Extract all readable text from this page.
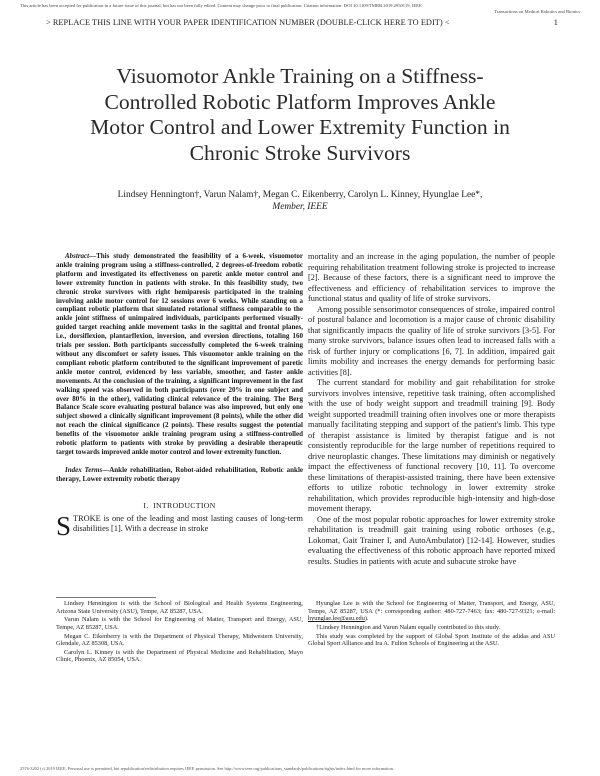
This article has been accepted for publication in a future issue of this journal, but has not been fully edited. Content may change prior to final publication. Citation information: DOI 10.1109/TMRB.2019.2950119, IEEE
Transactions on Medical Robotics and Bionics
> REPLACE THIS LINE WITH YOUR PAPER IDENTIFICATION NUMBER (DOUBLE-CLICK HERE TO EDIT) <	1
Visuomotor Ankle Training on a Stiffness-
Controlled Robotic Platform Improves Ankle
Motor Control and Lower Extremity Function in
Chronic Stroke Survivors
Lindsey Hennington†, Varun Nalam†, Megan C. Eikenberry, Carolyn L. Kinney, Hyunglae Lee*,
Member, IEEE

Abstract—This study demonstrated the feasibility of a 6-week, visuomotor ankle training program using a stiffness-controlled, 2 degrees-of-freedom robotic platform and investigated its effectiveness on paretic ankle motor control and lower extremity function in patients with stroke. In this feasibility study, two chronic stroke survivors with right hemiparesis participated in the training involving ankle motor control for 12 sessions over 6 weeks. While standing on a compliant robotic platform that simulated rotational stiffness comparable to the ankle joint stiffness of unimpaired individuals, participants performed visually-guided target reaching ankle movement tasks in the sagittal and frontal planes, i.e., dorsiflexion, plantarflexion, inversion, and eversion directions, totaling 160 trials per session. Both participants successfully completed the 6-week training without any discomfort or safety issues. This visuomotor ankle training on the compliant robotic platform contributed to the significant improvement of paretic ankle motor control, evidenced by less variable, smoother, and faster ankle movements. At the conclusion of the training, a significant improvement in the fast walking speed was observed in both participants (over 20% in one subject and over 80% in the other), validating clinical relevance of the training. The Berg Balance Scale score evaluating postural balance was also improved, but only one subject showed a clinically significant improvement (8 points), while the other did not reach the clinical significance (2 points). These results suggest the potential benefits of the visuomotor ankle training program using a stiffness-controlled robotic platform to patients with stroke by providing a desirable therapeutic target towards improved ankle motor control and lower extremity function.

Index Terms—Ankle rehabilitation, Robot-aided rehabilitation, Robotic ankle therapy, Lower extremity robotic therapy

I. INTRODUCTION

STROKE is one of the leading and most lasting causes of long-term disabilities [1]. With a decrease in stroke

mortality and an increase in the aging population, the number of people requiring rehabilitation treatment following stroke is projected to increase [2]. Because of these factors, there is a significant need to improve the effectiveness and efficiency of rehabilitation services to improve the functional status and quality of life of stroke survivors.

Among possible sensorimotor consequences of stroke, impaired control of postural balance and locomotion is a major cause of chronic disability that significantly impacts the quality of life of stroke survivors [3-5]. For many stroke survivors, balance issues often lead to increased falls with a risk of further injury or complications [6, 7]. In addition, impaired gait limits mobility and increases the energy demands for performing basic activities [8].

The current standard for mobility and gait rehabilitation for stroke survivors involves intensive, repetitive task training, often accomplished with the use of body weight support and treadmill training [9]. Body weight supported treadmill training often involves one or more therapists manually facilitating stepping and support of the patient's limb. This type of therapist assistance is limited by therapist fatigue and is not consistently reproducible for the large number of repetitions required to drive neuroplastic changes. These limitations may diminish or negatively impact the effectiveness of functional recovery [10, 11]. To overcome these limitations of therapist-assisted training, there have been extensive efforts to utilize robotic technology in lower extremity stroke rehabilitation, which provides reproducible high-intensity and high-dose movement therapy.

One of the most popular robotic approaches for lower extremity stroke rehabilitation is treadmill gait training using robotic orthoses (e.g., Lokomat, Gait Trainer I, and AutoAmbulator) [12-14]. However, studies evaluating the effectiveness of this robotic approach have reported mixed results. Studies in patients with acute and subacute stroke have

Lindsey Hennington is with the School of Biological and Health Systems Engineering, Arizona State University (ASU), Tempe, AZ 85287, USA.

Varun Nalam is with the School for Engineering of Matter, Transport and Energy, ASU, Tempe, AZ 85287, USA.

Megan C. Eikenberry is with the Department of Physical Therapy, Midwestern University, Glendale, AZ 85308, USA.

Carolyn L. Kinney is with the Department of Physical Medicine and Rehabilitation, Mayo Clinic, Phoenix, AZ 85054, USA.

Hyunglae Lee is with the School for Engineering of Matter, Transport, and Energy, ASU, Tempe, AZ 85287, USA (*: corresponding author: 480-727-7463; fax: 480-727-9321; e-mail: hyunglae.lee@asu.edu).

†Lindsey Hennington and Varun Nalam equally contributed to this study.

This study was completed by the support of Global Sport Institute of the adidas and ASU Global Sport Alliance and Ira A. Fulton Schools of Engineering at the ASU.

2576-3202 (c) 2019 IEEE. Personal use is permitted, but republication/redistribution requires IEEE permission. See http://www.ieee.org/publications_standards/publications/rights/index.html for more information.
